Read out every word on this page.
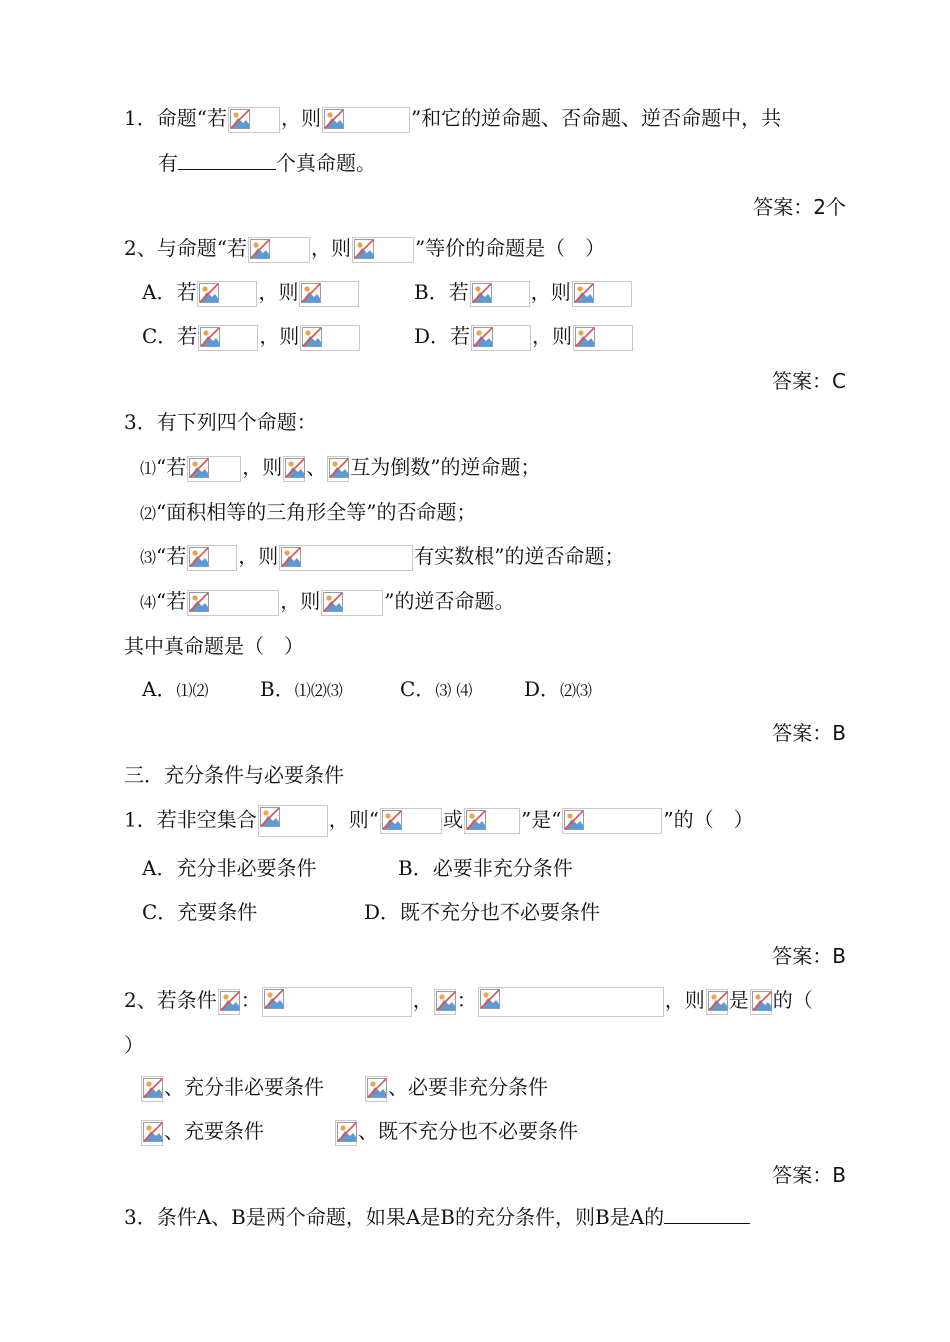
1．命题“若	，则	”和它的逆命题、否命题、逆否命题中，共
有	个真命题。
答案：2个
2、与命题“若	，则	”等价的命题是（　）
A．若	，则	B．若	，则
C．若	，则	D．若	，则
答案：C
3．有下列四个命题：
⑴“若	，则 、 互为倒数”的逆命题；
⑵“面积相等的三角形全等”的否命题；
⑶“若	，则	有实数根”的逆否命题；
⑷“若	，则	”的逆否命题。
其中真命题是（　）
A．⑴⑵	B．⑴⑵⑶	C．⑶ ⑷	D．⑵⑶
答案：B
三．充分条件与必要条件
1．若非空集合	，则“	或	”是“	”的（　）
A．充分非必要条件	B．必要非充分条件
C．充要条件	D．既不充分也不必要条件
答案：B
2、若条件 ：	， ：	，则 是 的（
）
、充分非必要条件	、必要非充分条件
、充要条件	、既不充分也不必要条件
答案：B
3．条件A、B是两个命题，如果A是B的充分条件，则B是A的
